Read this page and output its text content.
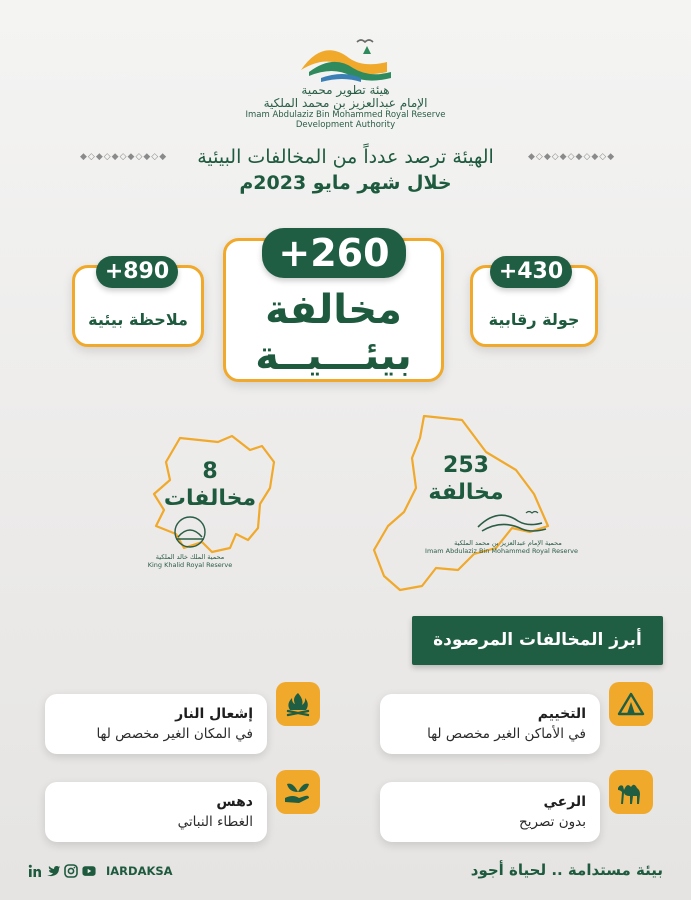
هيئة تطوير محمية
الإمام عبدالعزيز بن محمد الملكية
Imam Abdulaziz Bin Mohammed Royal Reserve
Development Authority
◆◇◆◇◆◇◆◇◆◇◆	◆◇◆◇◆◇◆◇◆◇◆
الهيئة ترصد عدداً من المخالفات البيئية
خلال شهر مايو 2023م
ملاحظة بيئية
+890
مخالفة
بيئـــيــة
+260
جولة رقابية
+430
8
مخالفات
محمية الملك خالد الملكية
King Khalid Royal Reserve
253
مخالفة
محمية الإمام عبدالعزيز بن محمد الملكية
Imam Abdulaziz Bin Mohammed Royal Reserve
أبرز المخالفات المرصودة
التخييم
في الأماكن الغير مخصص لها
إشعال النار
في المكان الغير مخصص لها
الرعي
بدون تصريح
دهس
الغطاء النباتي
IARDAKSA	بيئة مستدامة .. لحياة أجود
